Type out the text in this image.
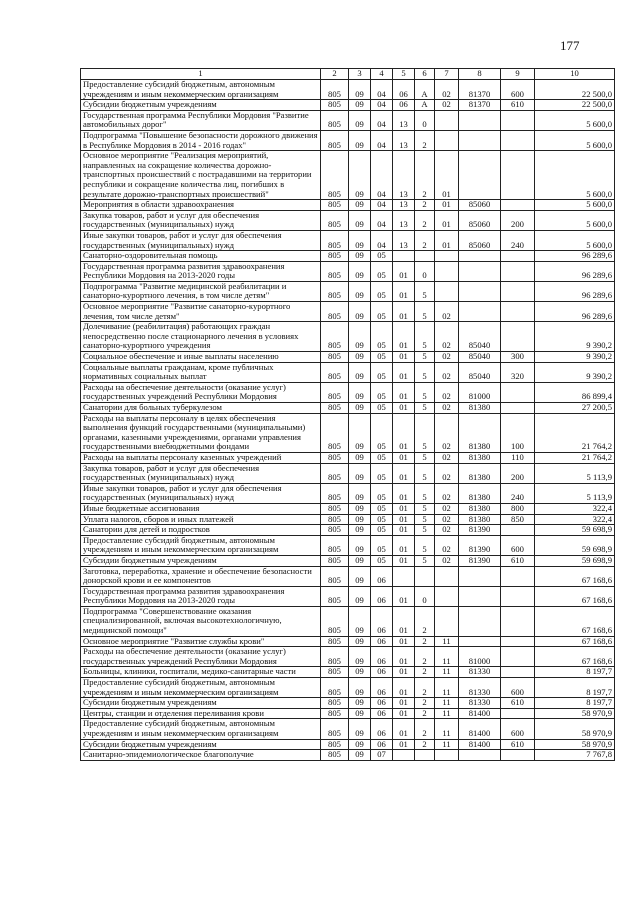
177
1	2	3	4	5	6	7	8	9	10
Предоставление субсидий бюджетным, автономным учреждениям и иным некоммерческим организациям	805	09	04	06	А	02	81370	600	22 500,0
Субсидии бюджетным учреждениям	805	09	04	06	А	02	81370	610	22 500,0
Государственная программа Республики Мордовия "Развитие автомобильных дорог"	805	09	04	13	0				5 600,0
Подпрограмма "Повышение безопасности дорожного движения в Республике Мордовия в 2014 - 2016 годах"	805	09	04	13	2				5 600,0
Основное мероприятие "Реализация мероприятий, направленных на сокращение количества дорожно-транспортных происшествий с пострадавшими на территории республики и сокращение количества лиц, погибших в результате дорожно-транспортных происшествий"	805	09	04	13	2	01			5 600,0
Мероприятия в области здравоохранения	805	09	04	13	2	01	85060		5 600,0
Закупка товаров, работ и услуг для обеспечения государственных (муниципальных) нужд	805	09	04	13	2	01	85060	200	5 600,0
Иные закупки товаров, работ и услуг для обеспечения государственных (муниципальных) нужд	805	09	04	13	2	01	85060	240	5 600,0
Санаторно-оздоровительная помощь	805	09	05						96 289,6
Государственная программа развития здравоохранения Республики Мордовия на 2013-2020 годы	805	09	05	01	0				96 289,6
Подпрограмма "Развитие медицинской реабилитации и санаторно-курортного лечения, в том числе детям"	805	09	05	01	5				96 289,6
Основное мероприятие "Развитие санаторно-курортного лечения, том числе детям"	805	09	05	01	5	02			96 289,6
Долечивание (реабилитация) работающих граждан непосредственно после стационарного лечения в условиях санаторно-курортного учреждения	805	09	05	01	5	02	85040		9 390,2
Социальное обеспечение и иные выплаты населению	805	09	05	01	5	02	85040	300	9 390,2
Социальные выплаты гражданам, кроме публичных нормативных социальных выплат	805	09	05	01	5	02	85040	320	9 390,2
Расходы на обеспечение деятельности (оказание услуг) государственных учреждений Республики Мордовия	805	09	05	01	5	02	81000		86 899,4
Санатории для больных туберкулезом	805	09	05	01	5	02	81380		27 200,5
Расходы на выплаты персоналу в целях обеспечения выполнения функций государственными (муниципальными) органами, казенными учреждениями, органами управления государственными внебюджетными фондами	805	09	05	01	5	02	81380	100	21 764,2
Расходы на выплаты персоналу казенных учреждений	805	09	05	01	5	02	81380	110	21 764,2
Закупка товаров, работ и услуг для обеспечения государственных (муниципальных) нужд	805	09	05	01	5	02	81380	200	5 113,9
Иные закупки товаров, работ и услуг для обеспечения государственных (муниципальных) нужд	805	09	05	01	5	02	81380	240	5 113,9
Иные бюджетные ассигнования	805	09	05	01	5	02	81380	800	322,4
Уплата налогов, сборов и иных платежей	805	09	05	01	5	02	81380	850	322,4
Санатории для детей и подростков	805	09	05	01	5	02	81390		59 698,9
Предоставление субсидий бюджетным, автономным учреждениям и иным некоммерческим организациям	805	09	05	01	5	02	81390	600	59 698,9
Субсидии бюджетным учреждениям	805	09	05	01	5	02	81390	610	59 698,9
Заготовка, переработка, хранение и обеспечение безопасности донорской крови и ее компонентов	805	09	06						67 168,6
Государственная программа развития здравоохранения Республики Мордовия на 2013-2020 годы	805	09	06	01	0				67 168,6
Подпрограмма "Совершенствование оказания специализированной, включая высокотехнологичную, медицинской помощи"	805	09	06	01	2				67 168,6
Основное мероприятие "Развитие службы крови"	805	09	06	01	2	11			67 168,6
Расходы на обеспечение деятельности (оказание услуг) государственных учреждений Республики Мордовия	805	09	06	01	2	11	81000		67 168,6
Больницы, клиники, госпитали, медико-санитарные части	805	09	06	01	2	11	81330		8 197,7
Предоставление субсидий бюджетным, автономным учреждениям и иным некоммерческим организациям	805	09	06	01	2	11	81330	600	8 197,7
Субсидии бюджетным учреждениям	805	09	06	01	2	11	81330	610	8 197,7
Центры, станции и отделения переливания крови	805	09	06	01	2	11	81400		58 970,9
Предоставление субсидий бюджетным, автономным учреждениям и иным некоммерческим организациям	805	09	06	01	2	11	81400	600	58 970,9
Субсидии бюджетным учреждениям	805	09	06	01	2	11	81400	610	58 970,9
Санитарно-эпидемиологическое благополучие	805	09	07						7 767,8
